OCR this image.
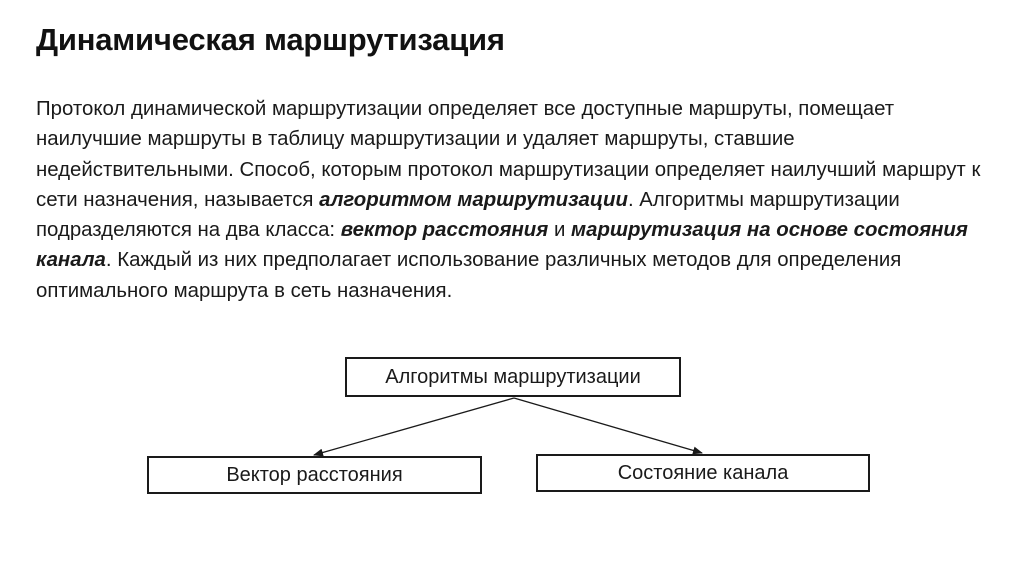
Динамическая маршрутизация

Протокол динамической маршрутизации определяет все доступные маршруты, помещает наилучшие маршруты в таблицу маршрутизации и удаляет маршруты, ставшие недействительными. Способ, которым протокол маршрутизации определяет наилучший маршрут к сети назначения, называется алгоритмом маршрутизации. Алгоритмы маршрутизации подразделяются на два класса: вектор расстояния и маршрутизация на основе состояния канала. Каждый из них предполагает использование различных методов для определения оптимального маршрута в сеть назначения.

Алгоритмы маршрутизации
Вектор расстояния	Состояние канала
